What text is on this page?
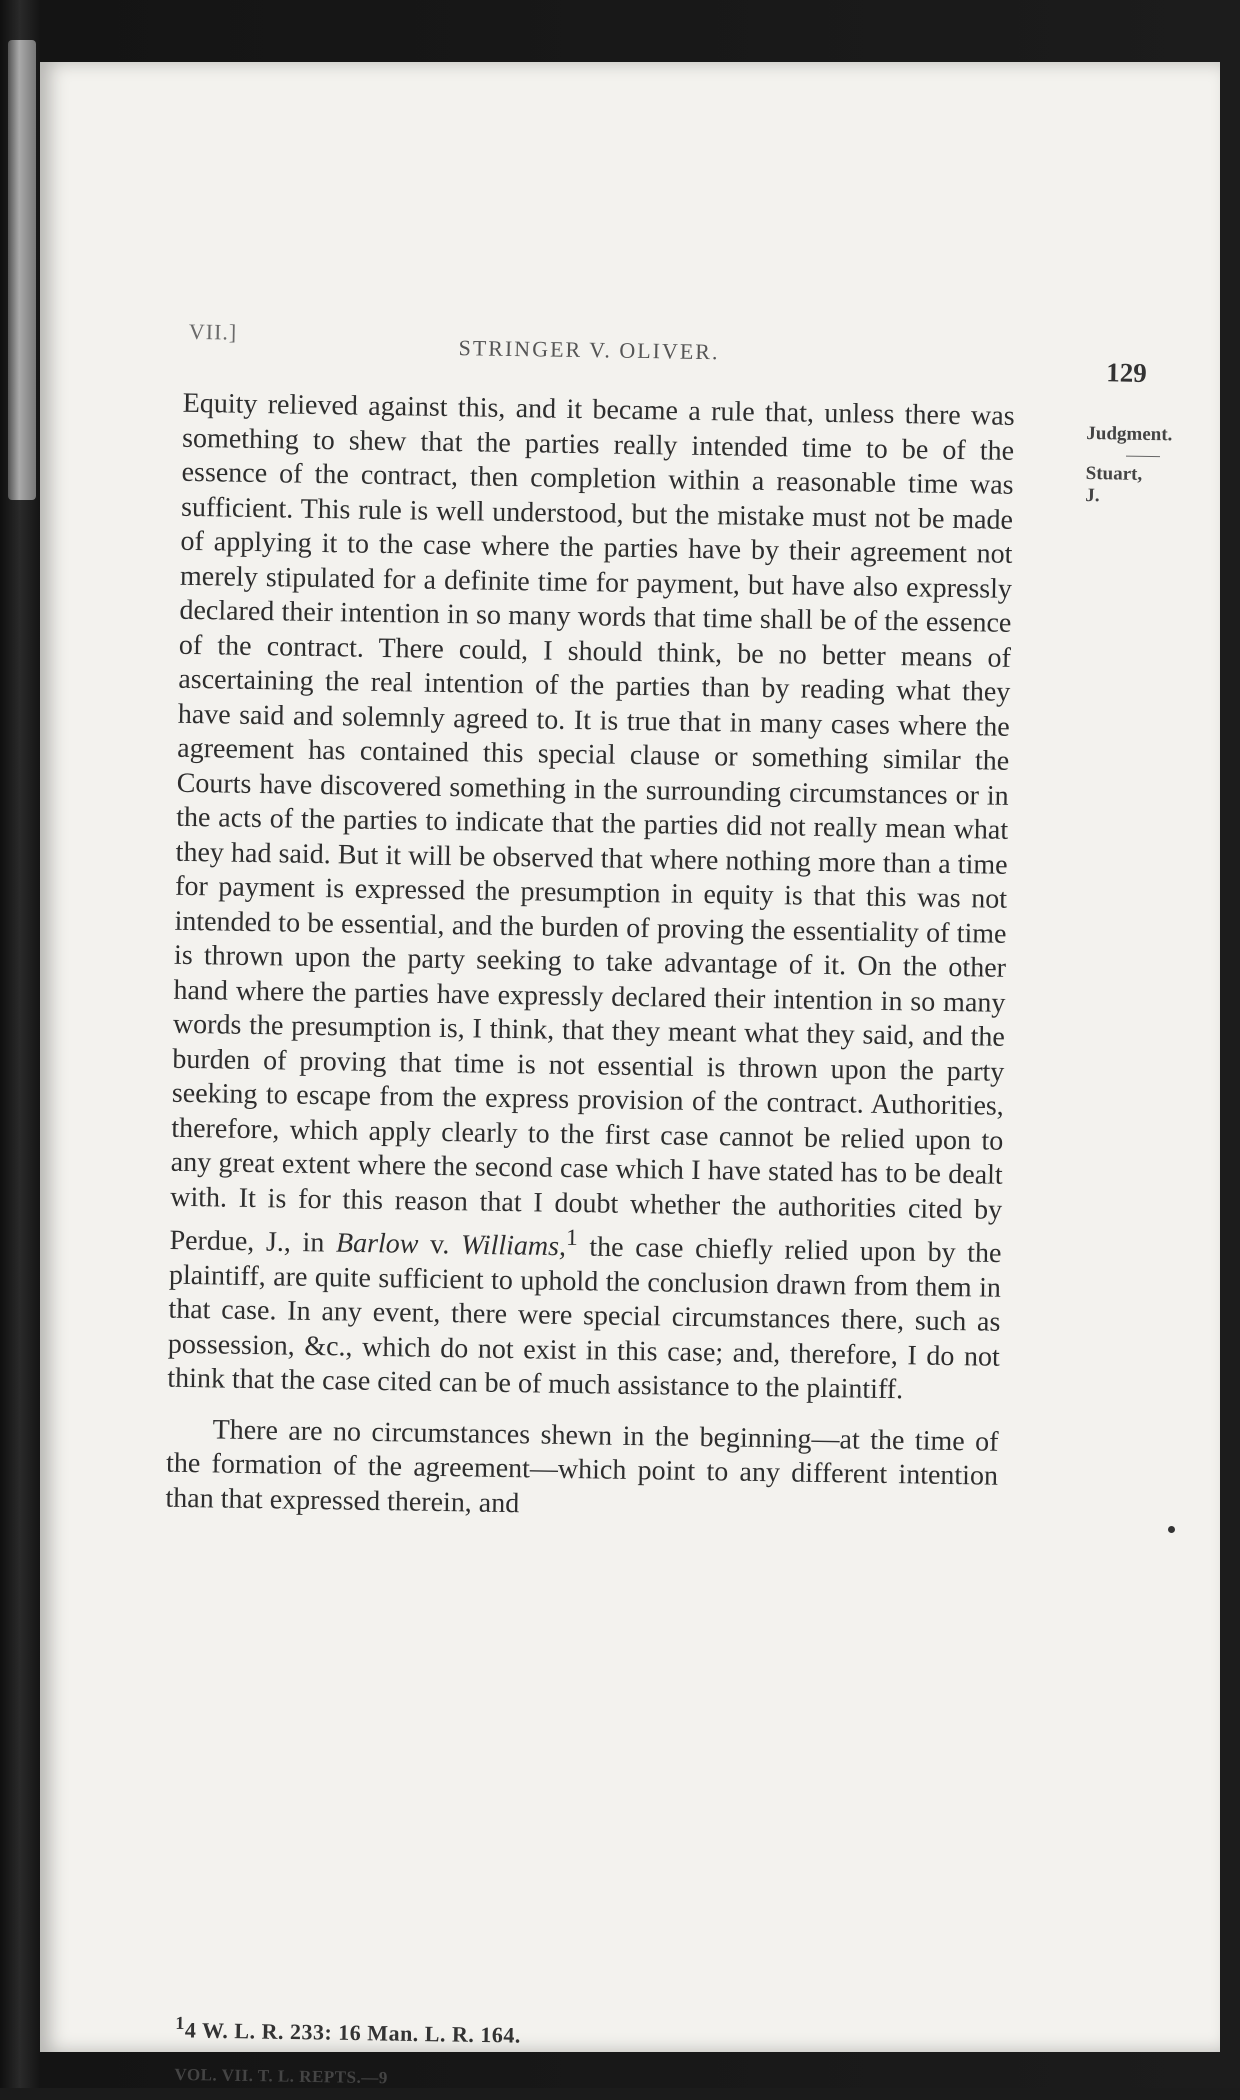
VII.]
STRINGER V. OLIVER.
129
Judgment.
Stuart, J.

Equity relieved against this, and it became a rule that, unless there was something to shew that the parties really intended time to be of the essence of the contract, then completion within a reasonable time was sufficient. This rule is well understood, but the mistake must not be made of applying it to the case where the parties have by their agreement not merely stipulated for a definite time for payment, but have also expressly declared their intention in so many words that time shall be of the essence of the contract. There could, I should think, be no better means of ascertaining the real intention of the parties than by reading what they have said and solemnly agreed to. It is true that in many cases where the agreement has contained this special clause or something similar the Courts have discovered something in the surrounding circumstances or in the acts of the parties to indicate that the parties did not really mean what they had said. But it will be observed that where nothing more than a time for payment is expressed the presumption in equity is that this was not intended to be essential, and the burden of proving the essentiality of time is thrown upon the party seeking to take advantage of it. On the other hand where the parties have expressly declared their intention in so many words the presumption is, I think, that they meant what they said, and the burden of proving that time is not essential is thrown upon the party seeking to escape from the express provision of the contract. Authorities, therefore, which apply clearly to the first case cannot be relied upon to any great extent where the second case which I have stated has to be dealt with. It is for this reason that I doubt whether the authorities cited by Perdue, J., in Barlow v. Williams,$^1$ the case chiefly relied upon by the plaintiff, are quite sufficient to uphold the conclusion drawn from them in that case. In any event, there were special circumstances there, such as possession, &c., which do not exist in this case; and, therefore, I do not think that the case cited can be of much assistance to the plaintiff.

There are no circumstances shewn in the beginning—at the time of the formation of the agreement—which point to any different intention than that expressed therein, and

$^1$4 W. L. R. 233: 16 Man. L. R. 164.
VOL. VII. T. L. REPTS.—9
